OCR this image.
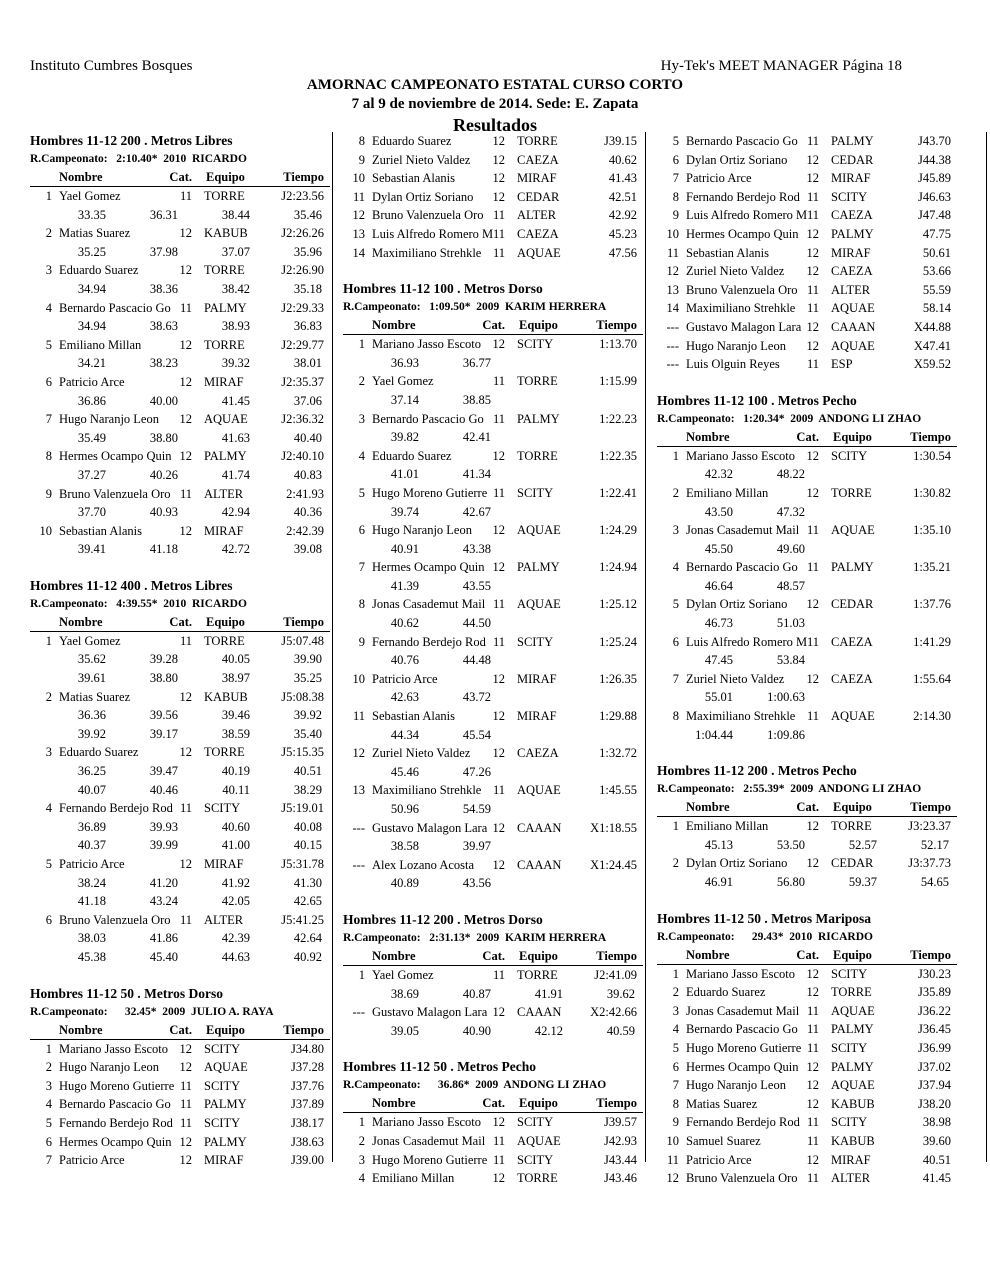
Instituto Cumbres Bosques	Hy-Tek's MEET MANAGER Página 18
AMORNAC CAMPEONATO ESTATAL CURSO CORTO
7 al 9 de noviembre de 2014. Sede: E. Zapata
Resultados
Hombres 11-12 200 . Metros Libres
R.Campeonato:   2:10.40*  2010  RICARDO
Nombre	Cat. Equipo	Tiempo
1 Yael Gomez	11 TORRE	J2:23.56
33.35	36.31	38.44	35.46
2 Matias Suarez	12 KABUB	J2:26.26
35.25	37.98	37.07	35.96
3 Eduardo Suarez	12 TORRE	J2:26.90
34.94	38.36	38.42	35.18
4 Bernardo Pascacio Go 11 PALMY	J2:29.33
34.94	38.63	38.93	36.83
5 Emiliano Millan	12 TORRE	J2:29.77
34.21	38.23	39.32	38.01
6 Patricio Arce	12 MIRAF	J2:35.37
36.86	40.00	41.45	37.06
7 Hugo Naranjo Leon	12 AQUAE	J2:36.32
35.49	38.80	41.63	40.40
8 Hermes Ocampo Quin 12 PALMY	J2:40.10
37.27	40.26	41.74	40.83
9 Bruno Valenzuela Oro 11 ALTER	2:41.93
37.70	40.93	42.94	40.36
10 Sebastian Alanis	12 MIRAF	2:42.39
39.41	41.18	42.72	39.08
Hombres 11-12 400 . Metros Libres
R.Campeonato:   4:39.55*  2010  RICARDO
Nombre	Cat. Equipo	Tiempo
1 Yael Gomez	11 TORRE	J5:07.48
35.62	39.28	40.05	39.90
39.61	38.80	38.97	35.25
2 Matias Suarez	12 KABUB	J5:08.38
36.36	39.56	39.46	39.92
39.92	39.17	38.59	35.40
3 Eduardo Suarez	12 TORRE	J5:15.35
36.25	39.47	40.19	40.51
40.07	40.46	40.11	38.29
4 Fernando Berdejo Rod 11 SCITY	J5:19.01
36.89	39.93	40.60	40.08
40.37	39.99	41.00	40.15
5 Patricio Arce	12 MIRAF	J5:31.78
38.24	41.20	41.92	41.30
41.18	43.24	42.05	42.65
6 Bruno Valenzuela Oro 11 ALTER	J5:41.25
38.03	41.86	42.39	42.64
45.38	45.40	44.63	40.92
Hombres 11-12 50 . Metros Dorso
R.Campeonato:      32.45*  2009  JULIO A. RAYA
Nombre	Cat. Equipo	Tiempo
1 Mariano Jasso Escoto 12 SCITY	J34.80
2 Hugo Naranjo Leon	12 AQUAE	J37.28
3 Hugo Moreno Gutierre 11 SCITY	J37.76
4 Bernardo Pascacio Go 11 PALMY	J37.89
5 Fernando Berdejo Rod 11 SCITY	J38.17
6 Hermes Ocampo Quin 12 PALMY	J38.63
7 Patricio Arce	12 MIRAF	J39.00
8 Eduardo Suarez	12 TORRE	J39.15
9 Zuriel Nieto Valdez	12 CAEZA	40.62
10 Sebastian Alanis	12 MIRAF	41.43
11 Dylan Ortiz Soriano	12 CEDAR	42.51
12 Bruno Valenzuela Oro 11 ALTER	42.92
13 Luis Alfredo Romero M 11 CAEZA	45.23
14 Maximiliano Strehkle 11 AQUAE	47.56
Hombres 11-12 100 . Metros Dorso
R.Campeonato:   1:09.50*  2009  KARIM HERRERA
Nombre	Cat. Equipo	Tiempo
1 Mariano Jasso Escoto 12 SCITY	1:13.70
36.93	36.77
2 Yael Gomez	11 TORRE	1:15.99
37.14	38.85
3 Bernardo Pascacio Go 11 PALMY	1:22.23
39.82	42.41
4 Eduardo Suarez	12 TORRE	1:22.35
41.01	41.34
5 Hugo Moreno Gutierre 11 SCITY	1:22.41
39.74	42.67
6 Hugo Naranjo Leon	12 AQUAE	1:24.29
40.91	43.38
7 Hermes Ocampo Quin 12 PALMY	1:24.94
41.39	43.55
8 Jonas Casademut Mail 11 AQUAE	1:25.12
40.62	44.50
9 Fernando Berdejo Rod 11 SCITY	1:25.24
40.76	44.48
10 Patricio Arce	12 MIRAF	1:26.35
42.63	43.72
11 Sebastian Alanis	12 MIRAF	1:29.88
44.34	45.54
12 Zuriel Nieto Valdez	12 CAEZA	1:32.72
45.46	47.26
13 Maximiliano Strehkle 11 AQUAE	1:45.55
50.96	54.59
--- Gustavo Malagon Lara 12 CAAAN	X1:18.55
38.58	39.97
--- Alex Lozano Acosta	12 CAAAN	X1:24.45
40.89	43.56
Hombres 11-12 200 . Metros Dorso
R.Campeonato:   2:31.13*  2009  KARIM HERRERA
Nombre	Cat. Equipo	Tiempo
1 Yael Gomez	11 TORRE	J2:41.09
38.69	40.87	41.91	39.62
--- Gustavo Malagon Lara 12 CAAAN	X2:42.66
39.05	40.90	42.12	40.59
Hombres 11-12 50 . Metros Pecho
R.Campeonato:      36.86*  2009  ANDONG LI ZHAO
Nombre	Cat. Equipo	Tiempo
1 Mariano Jasso Escoto 12 SCITY	J39.57
2 Jonas Casademut Mail 11 AQUAE	J42.93
3 Hugo Moreno Gutierre 11 SCITY	J43.44
4 Emiliano Millan	12 TORRE	J43.46
5 Bernardo Pascacio Go 11 PALMY	J43.70
6 Dylan Ortiz Soriano	12 CEDAR	J44.38
7 Patricio Arce	12 MIRAF	J45.89
8 Fernando Berdejo Rod 11 SCITY	J46.63
9 Luis Alfredo Romero M 11 CAEZA	J47.48
10 Hermes Ocampo Quin 12 PALMY	47.75
11 Sebastian Alanis	12 MIRAF	50.61
12 Zuriel Nieto Valdez	12 CAEZA	53.66
13 Bruno Valenzuela Oro 11 ALTER	55.59
14 Maximiliano Strehkle 11 AQUAE	58.14
--- Gustavo Malagon Lara 12 CAAAN	X44.88
--- Hugo Naranjo Leon	12 AQUAE	X47.41
--- Luis Olguin Reyes	11 ESP	X59.52
Hombres 11-12 100 . Metros Pecho
R.Campeonato:   1:20.34*  2009  ANDONG LI ZHAO
Nombre	Cat. Equipo	Tiempo
1 Mariano Jasso Escoto 12 SCITY	1:30.54
42.32	48.22
2 Emiliano Millan	12 TORRE	1:30.82
43.50	47.32
3 Jonas Casademut Mail 11 AQUAE	1:35.10
45.50	49.60
4 Bernardo Pascacio Go 11 PALMY	1:35.21
46.64	48.57
5 Dylan Ortiz Soriano	12 CEDAR	1:37.76
46.73	51.03
6 Luis Alfredo Romero M 11 CAEZA	1:41.29
47.45	53.84
7 Zuriel Nieto Valdez	12 CAEZA	1:55.64
55.01	1:00.63
8 Maximiliano Strehkle 11 AQUAE	2:14.30
1:04.44	1:09.86
Hombres 11-12 200 . Metros Pecho
R.Campeonato:   2:55.39*  2009  ANDONG LI ZHAO
Nombre	Cat. Equipo	Tiempo
1 Emiliano Millan	12 TORRE	J3:23.37
45.13	53.50	52.57	52.17
2 Dylan Ortiz Soriano	12 CEDAR	J3:37.73
46.91	56.80	59.37	54.65
Hombres 11-12 50 . Metros Mariposa
R.Campeonato:      29.43*  2010  RICARDO
Nombre	Cat. Equipo	Tiempo
1 Mariano Jasso Escoto 12 SCITY	J30.23
2 Eduardo Suarez	12 TORRE	J35.89
3 Jonas Casademut Mail 11 AQUAE	J36.22
4 Bernardo Pascacio Go 11 PALMY	J36.45
5 Hugo Moreno Gutierre 11 SCITY	J36.99
6 Hermes Ocampo Quin 12 PALMY	J37.02
7 Hugo Naranjo Leon	12 AQUAE	J37.94
8 Matias Suarez	12 KABUB	J38.20
9 Fernando Berdejo Rod 11 SCITY	38.98
10 Samuel Suarez	11 KABUB	39.60
11 Patricio Arce	12 MIRAF	40.51
12 Bruno Valenzuela Oro 11 ALTER	41.45
